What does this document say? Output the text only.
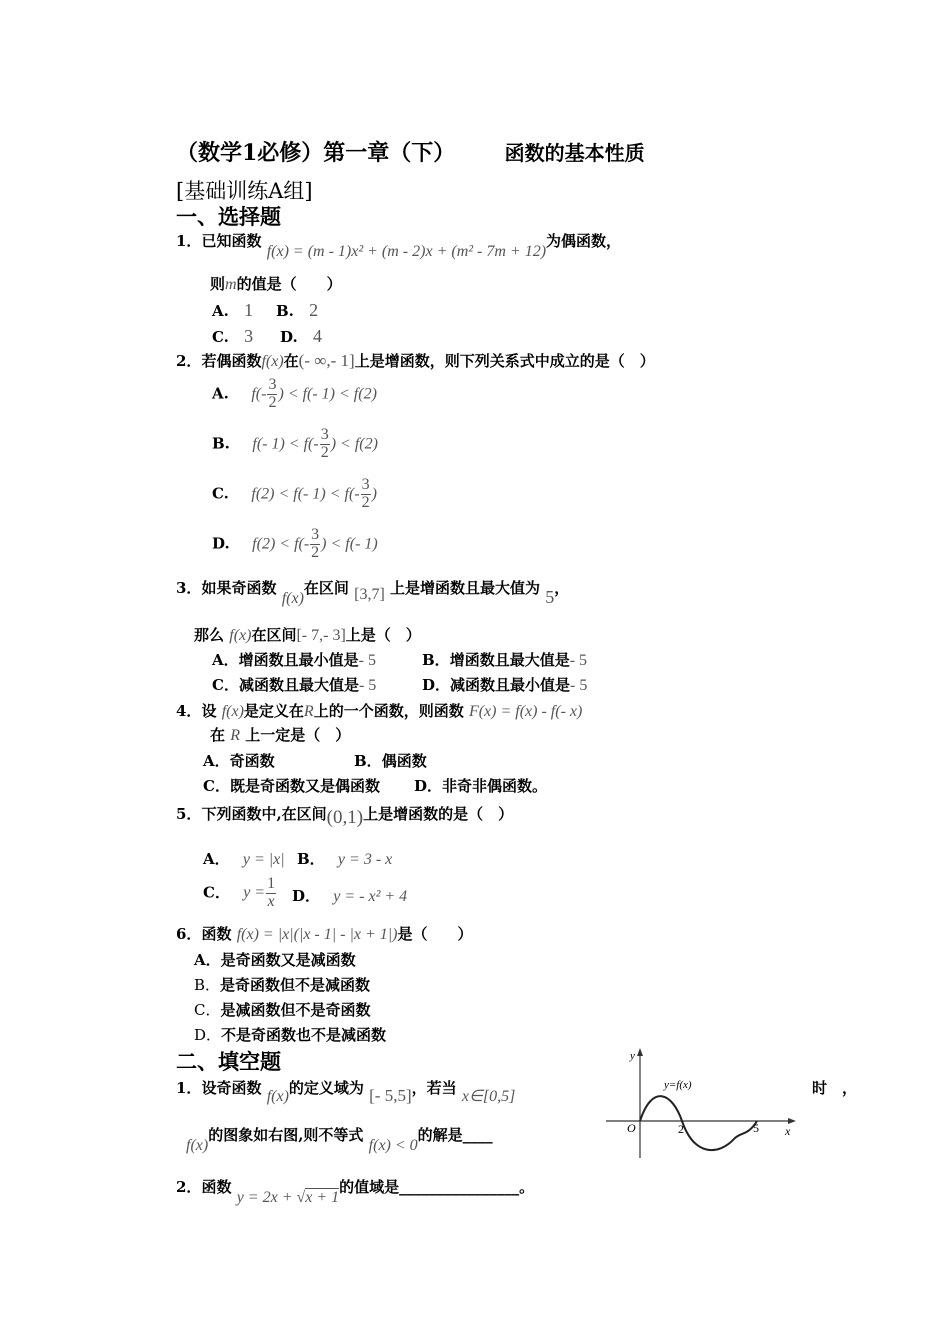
（数学1必修）第一章（下） 函数的基本性质
[基础训练A组]
一、选择题
1．已知函数 f(x) = (m - 1)x² + (m - 2)x + (m² - 7m + 12)为偶函数，
则m的值是（　　）
A. 1 B. 2
C. 3 D. 4
2．若偶函数f(x)在(- ∞,- 1]上是增函数，则下列关系式中成立的是（　）
A. $f(- \frac{3}{2}$ ) < f(- 1) < f(2)
B. f(- $1) < f(- \frac{3}{2}$ ) < f(2)
C. f(2) < f(- $1) < f(- \frac{3}{2}$ )
D. $f(2) < f(- \frac{3}{2}$ ) < f(- 1)
3．如果奇函数 f(x)在区间 [3,7] 上是增函数且最大值为 5，
那么 f(x)在区间[- 7,- 3]上是（　）
A．增函数且最小值是- 5	B．增函数且最大值是- 5
C．减函数且最大值是- 5	D．减函数且最小值是- 5
4．设 f(x)是定义在R上的一个函数，则函数 F(x) = f(x) - f(- x)
在 R 上一定是（　）
A．奇函数	B．偶函数
C．既是奇函数又是偶函数 D．非奇非偶函数。
5．下列函数中,在区间(0,1)上是增函数的是（　）
A． y = |x| B． y = 3 - x
C． $y = \frac{1}{x}$ D． y = - x² + 4
6．函数 f(x) = |x|(|x - 1| - |x + 1|)是（　　）
A．是奇函数又是减函数
B．是奇函数但不是减函数
C．是减函数但不是奇函数
D．不是奇函数也不是减函数
二、填空题
1．设奇函数 f(x)的定义域为 [- 5,5]，若当 x∈[0,5]	时　，
f(x)的图象如右图,则不等式 f(x) < 0的解是____
2．函数 y = 2x + √x + 1的值域是________________。
y
x
y=f(x)
O	2	5
